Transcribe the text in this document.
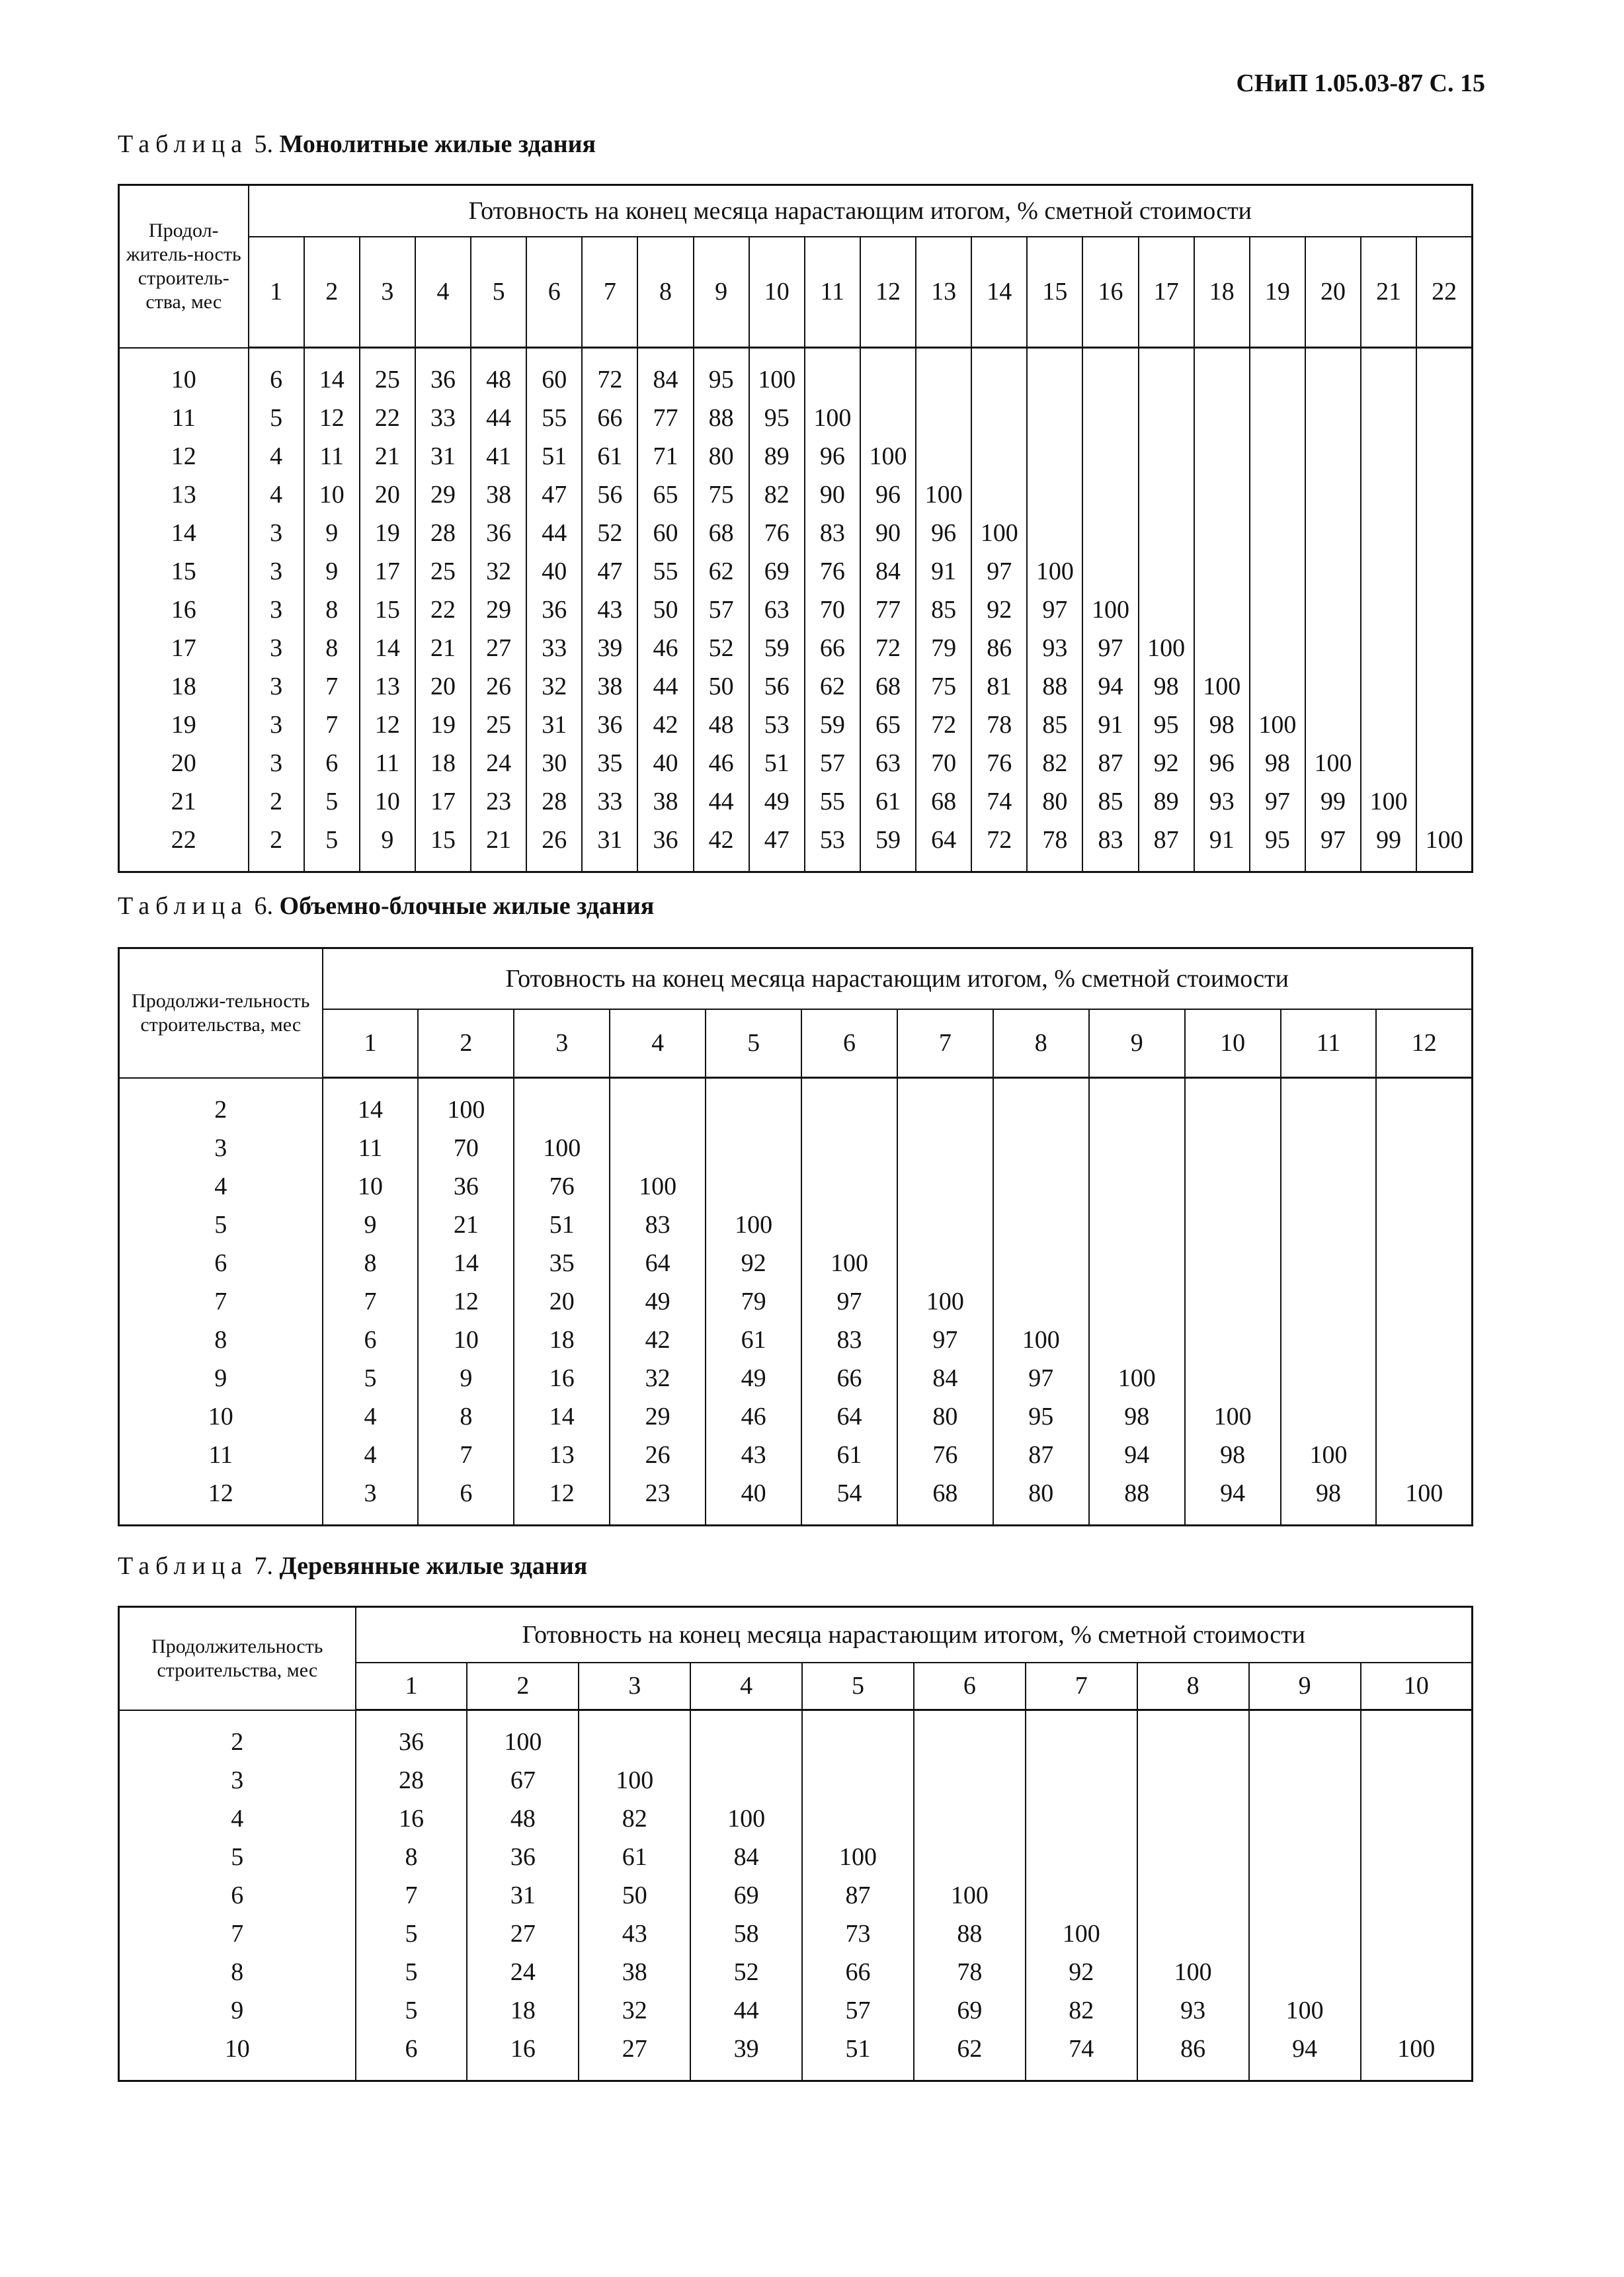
СНиП 1.05.03-87 С. 15
Таблица 5. Монолитные жилые здания
Продол-житель-ность строитель-ства, мес	Готовность на конец месяца нарастающим итогом, % сметной стоимости																					
	1	2	3	4	5	6	7	8	9	10	11	12	13	14	15	16	17	18	19	20	21	22
10	6	14	25	36	48	60	72	84	95	100												
11	5	12	22	33	44	55	66	77	88	95	100											
12	4	11	21	31	41	51	61	71	80	89	96	100										
13	4	10	20	29	38	47	56	65	75	82	90	96	100									
14	3	9	19	28	36	44	52	60	68	76	83	90	96	100								
15	3	9	17	25	32	40	47	55	62	69	76	84	91	97	100							
16	3	8	15	22	29	36	43	50	57	63	70	77	85	92	97	100						
17	3	8	14	21	27	33	39	46	52	59	66	72	79	86	93	97	100					
18	3	7	13	20	26	32	38	44	50	56	62	68	75	81	88	94	98	100				
19	3	7	12	19	25	31	36	42	48	53	59	65	72	78	85	91	95	98	100			
20	3	6	11	18	24	30	35	40	46	51	57	63	70	76	82	87	92	96	98	100		
21	2	5	10	17	23	28	33	38	44	49	55	61	68	74	80	85	89	93	97	99	100	
22	2	5	9	15	21	26	31	36	42	47	53	59	64	72	78	83	87	91	95	97	99	100
Таблица 6. Объемно-блочные жилые здания
Продолжи-тельность строительства, мес	Готовность на конец месяца нарастающим итогом, % сметной стоимости											
	1	2	3	4	5	6	7	8	9	10	11	12
2	14	100										
3	11	70	100									
4	10	36	76	100								
5	9	21	51	83	100							
6	8	14	35	64	92	100						
7	7	12	20	49	79	97	100					
8	6	10	18	42	61	83	97	100				
9	5	9	16	32	49	66	84	97	100			
10	4	8	14	29	46	64	80	95	98	100		
11	4	7	13	26	43	61	76	87	94	98	100	
12	3	6	12	23	40	54	68	80	88	94	98	100
Таблица 7. Деревянные жилые здания
Продолжительность строительства, мес	Готовность на конец месяца нарастающим итогом, % сметной стоимости									
	1	2	3	4	5	6	7	8	9	10
2	36	100								
3	28	67	100							
4	16	48	82	100						
5	8	36	61	84	100					
6	7	31	50	69	87	100				
7	5	27	43	58	73	88	100			
8	5	24	38	52	66	78	92	100		
9	5	18	32	44	57	69	82	93	100	
10	6	16	27	39	51	62	74	86	94	100
